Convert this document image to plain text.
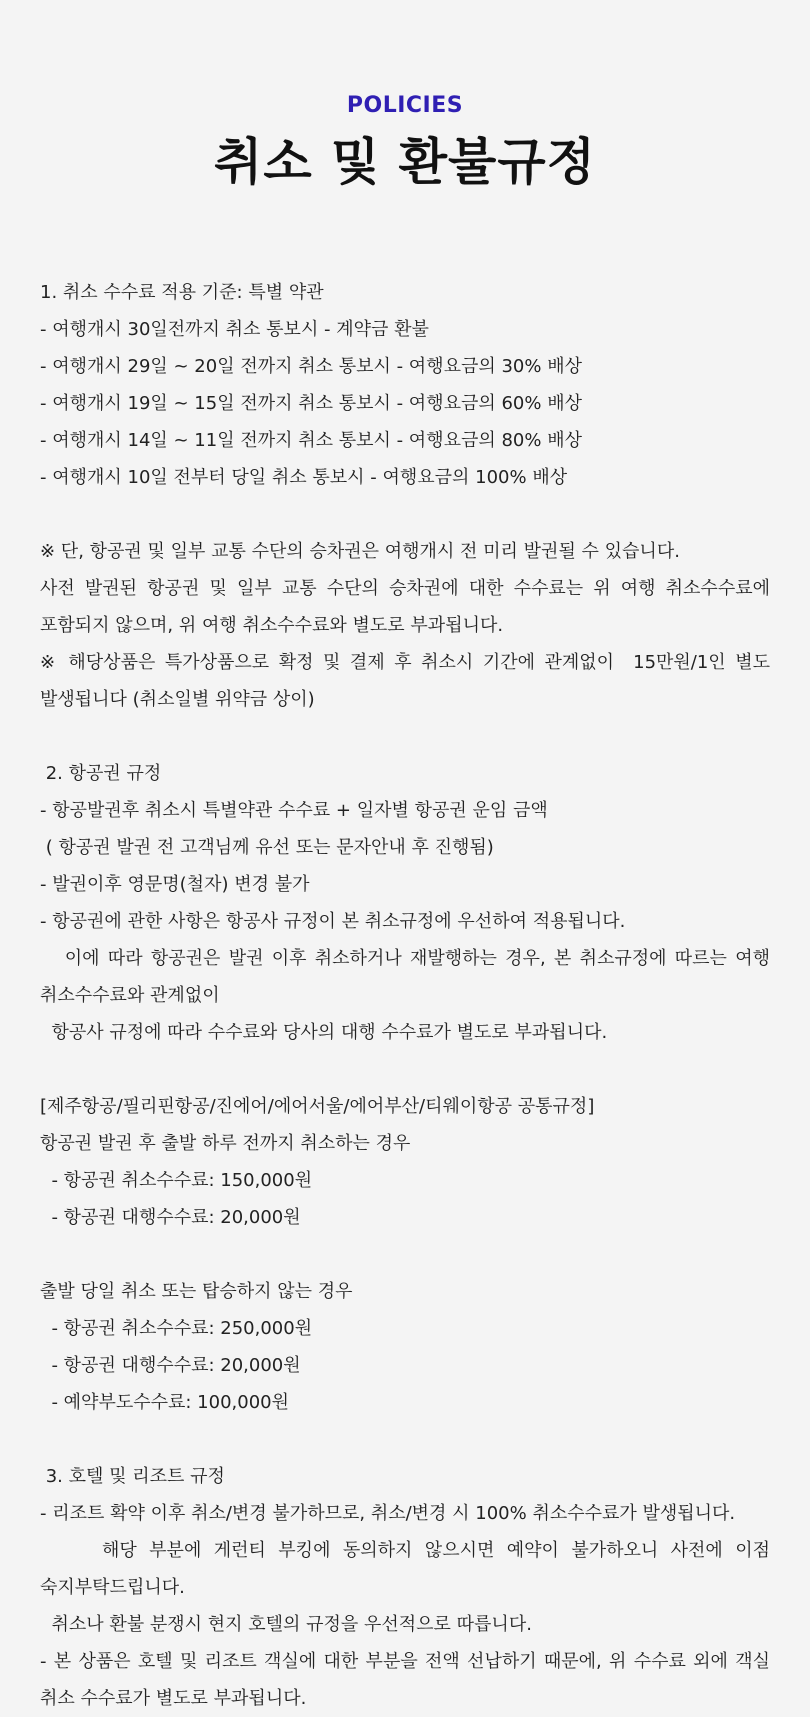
POLICIES
취소 및 환불규정
1. 취소 수수료 적용 기준: 특별 약관
- 여행개시 30일전까지 취소 통보시 - 계약금 환불
- 여행개시 29일 ~ 20일 전까지 취소 통보시 - 여행요금의 30% 배상
- 여행개시 19일 ~ 15일 전까지 취소 통보시 - 여행요금의 60% 배상
- 여행개시 14일 ~ 11일 전까지 취소 통보시 - 여행요금의 80% 배상
- 여행개시 10일 전부터 당일 취소 통보시 - 여행요금의 100% 배상
※ 단, 항공권 및 일부 교통 수단의 승차권은 여행개시 전 미리 발권될 수 있습니다.
사전 발권된 항공권 및 일부 교통 수단의 승차권에 대한 수수료는 위 여행 취소수수료에
포함되지 않으며, 위 여행 취소수수료와 별도로 부과됩니다.
※ 해당상품은 특가상품으로 확정 및 결제 후 취소시 기간에 관계없이  15만원/1인 별도
발생됩니다 (취소일별 위약금 상이)
2. 항공권 규정
- 항공발권후 취소시 특별약관 수수료 + 일자별 항공권 운임 금액
( 항공권 발권 전 고객님께 유선 또는 문자안내 후 진행됨)
- 발권이후 영문명(철자) 변경 불가
- 항공권에 관한 사항은 항공사 규정이 본 취소규정에 우선하여 적용됩니다.
이에 따라 항공권은 발권 이후 취소하거나 재발행하는 경우, 본 취소규정에 따르는 여행
취소수수료와 관계없이
항공사 규정에 따라 수수료와 당사의 대행 수수료가 별도로 부과됩니다.
[제주항공/필리핀항공/진에어/에어서울/에어부산/티웨이항공 공통규정]
항공권 발권 후 출발 하루 전까지 취소하는 경우
- 항공권 취소수수료: 150,000원
- 항공권 대행수수료: 20,000원
출발 당일 취소 또는 탑승하지 않는 경우
- 항공권 취소수수료: 250,000원
- 항공권 대행수수료: 20,000원
- 예약부도수수료: 100,000원
3. 호텔 및 리조트 규정
- 리조트 확약 이후 취소/변경 불가하므로, 취소/변경 시 100% 취소수수료가 발생됩니다.
해당 부분에 게런티 부킹에 동의하지 않으시면 예약이 불가하오니 사전에 이점
숙지부탁드립니다.
취소나 환불 분쟁시 현지 호텔의 규정을 우선적으로 따릅니다.
- 본 상품은 호텔 및 리조트 객실에 대한 부분을 전액 선납하기 때문에, 위 수수료 외에 객실
취소 수수료가 별도로 부과됩니다.
